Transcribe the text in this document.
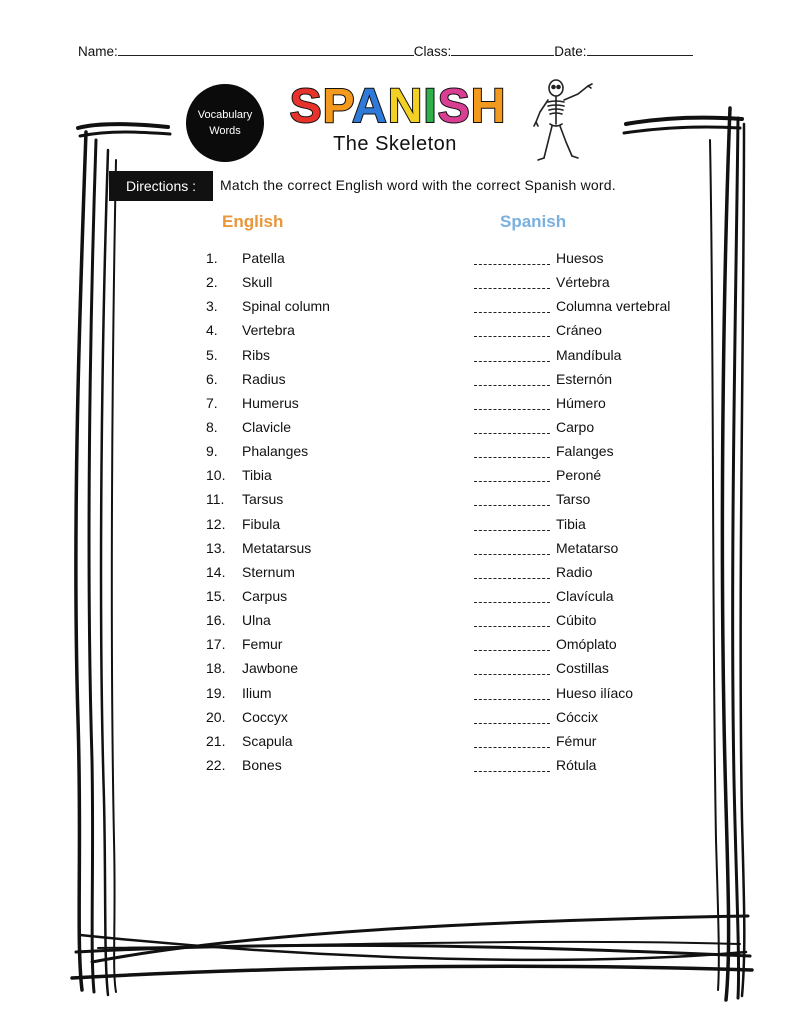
Name:	Class:	Date:
Vocabulary
Words SPANISH
The Skeleton
Directions :	Match the correct English word with the correct Spanish word.
English	Spanish
1. Patella	Huesos
2. Skull	Vértebra
3. Spinal column	Columna vertebral
4. Vertebra	Cráneo
5. Ribs	Mandíbula
6. Radius	Esternón
7. Humerus	Húmero
8. Clavicle	Carpo
9. Phalanges	Falanges
10. Tibia	Peroné
11. Tarsus	Tarso
12. Fibula	Tibia
13. Metatarsus	Metatarso
14. Sternum	Radio
15. Carpus	Clavícula
16. Ulna	Cúbito
17. Femur	Omóplato
18. Jawbone	Costillas
19. Ilium	Hueso ilíaco
20. Coccyx	Cóccix
21. Scapula	Fémur
22. Bones	Rótula
